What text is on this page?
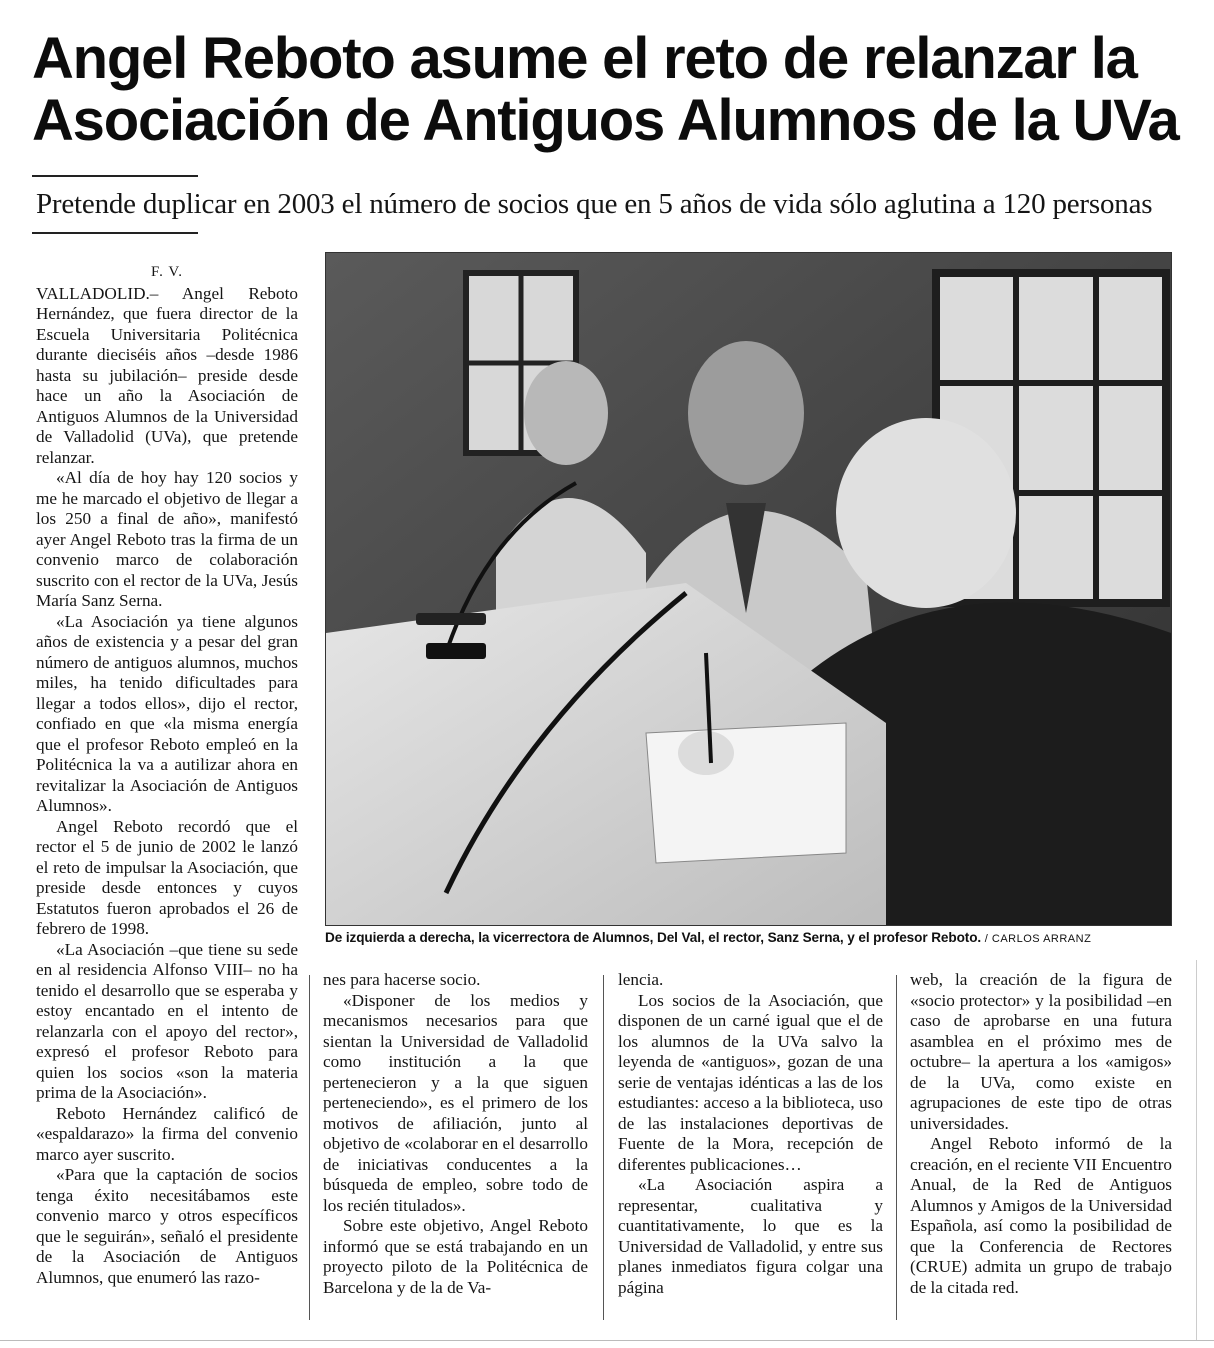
Angel Reboto asume el reto de relanzar la Asociación de Antiguos Alumnos de la UVa

Pretende duplicar en 2003 el número de socios que en 5 años de vida sólo aglutina a 120 personas

F. V.

VALLADOLID.– Angel Reboto Hernández, que fuera director de la Escuela Universitaria Politécnica durante dieciséis años –desde 1986 hasta su jubilación– preside desde hace un año la Asociación de Antiguos Alumnos de la Universidad de Valladolid (UVa), que pretende relanzar.

«Al día de hoy hay 120 socios y me he marcado el objetivo de llegar a los 250 a final de año», manifestó ayer Angel Reboto tras la firma de un convenio marco de colaboración suscrito con el rector de la UVa, Jesús María Sanz Serna.

«La Asociación ya tiene algunos años de existencia y a pesar del gran número de antiguos alumnos, muchos miles, ha tenido dificultades para llegar a todos ellos», dijo el rector, confiado en que «la misma energía que el profesor Reboto empleó en la Politécnica la va a autilizar ahora en revitalizar la Asociación de Antiguos Alumnos».

Angel Reboto recordó que el rector el 5 de junio de 2002 le lanzó el reto de impulsar la Asociación, que preside desde entonces y cuyos Estatutos fueron aprobados el 26 de febrero de 1998.

«La Asociación –que tiene su sede en al residencia Alfonso VIII– no ha tenido el desarrollo que se esperaba y estoy encantado en el intento de relanzarla con el apoyo del rector», expresó el profesor Reboto para quien los socios «son la materia prima de la Asociación».

Reboto Hernández calificó de «espaldarazo» la firma del convenio marco ayer suscrito.

«Para que la captación de socios tenga éxito necesitábamos este convenio marco y otros específicos que le seguirán», señaló el presidente de la Asociación de Antiguos Alumnos, que enumeró las razo-

De izquierda a derecha, la vicerrectora de Alumnos, Del Val, el rector, Sanz Serna, y el profesor Reboto. / CARLOS ARRANZ

nes para hacerse socio.

«Disponer de los medios y mecanismos necesarios para que sientan la Universidad de Valladolid como institución a la que pertenecieron y a la que siguen perteneciendo», es el primero de los motivos de afiliación, junto al objetivo de «colaborar en el desarrollo de iniciativas conducentes a la búsqueda de empleo, sobre todo de los recién titulados».

Sobre este objetivo, Angel Reboto informó que se está trabajando en un proyecto piloto de la Politécnica de Barcelona y de la de Va-

lencia.

Los socios de la Asociación, que disponen de un carné igual que el de los alumnos de la UVa salvo la leyenda de «antiguos», gozan de una serie de ventajas idénticas a las de los estudiantes: acceso a la biblioteca, uso de las instalaciones deportivas de Fuente de la Mora, recepción de diferentes publicaciones…

«La Asociación aspira a representar, cualitativa y cuantitativamente, lo que es la Universidad de Valladolid, y entre sus planes inmediatos figura colgar una página

web, la creación de la figura de «socio protector» y la posibilidad –en caso de aprobarse en una futura asamblea en el próximo mes de octubre– la apertura a los «amigos» de la UVa, como existe en agrupaciones de este tipo de otras universidades.

Angel Reboto informó de la creación, en el reciente VII Encuentro Anual, de la Red de Antiguos Alumnos y Amigos de la Universidad Española, así como la posibilidad de que la Conferencia de Rectores (CRUE) admita un grupo de trabajo de la citada red.
